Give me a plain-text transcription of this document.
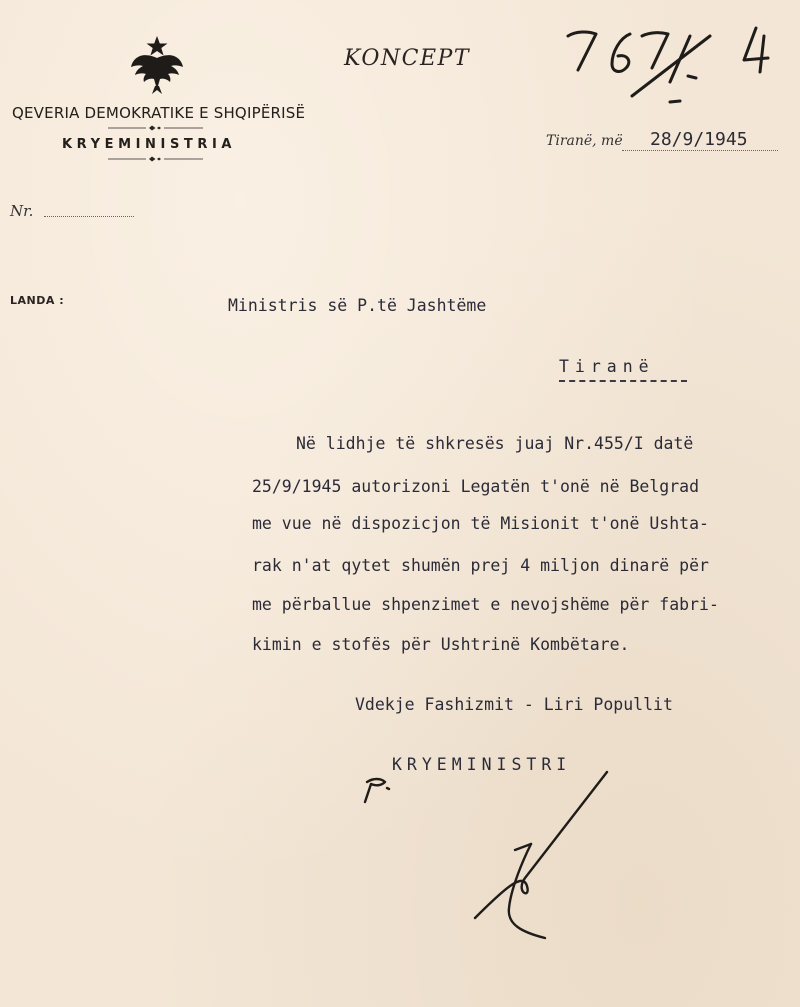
QEVERIA DEMOKRATIKE E SHQIPËRISË
KRYEMINISTRIA
KONCEPT
Tiranë, më 28/9/1945
Nr.
LANDA :	Ministris së P.të Jashtëme
Tiranë
Në lidhje të shkresës juaj Nr.455/I datë
25/9/1945 autorizoni Legatën t'onë në Belgrad
me vue në dispozicjon të Misionit t'onë Ushta-
rak n'at qytet shumën prej 4 miljon dinarë për
me përballue shpenzimet e nevojshëme për fabri-
kimin e stofës për Ushtrinë Kombëtare.
Vdekje Fashizmit - Liri Popullit
KRYEMINISTRI
